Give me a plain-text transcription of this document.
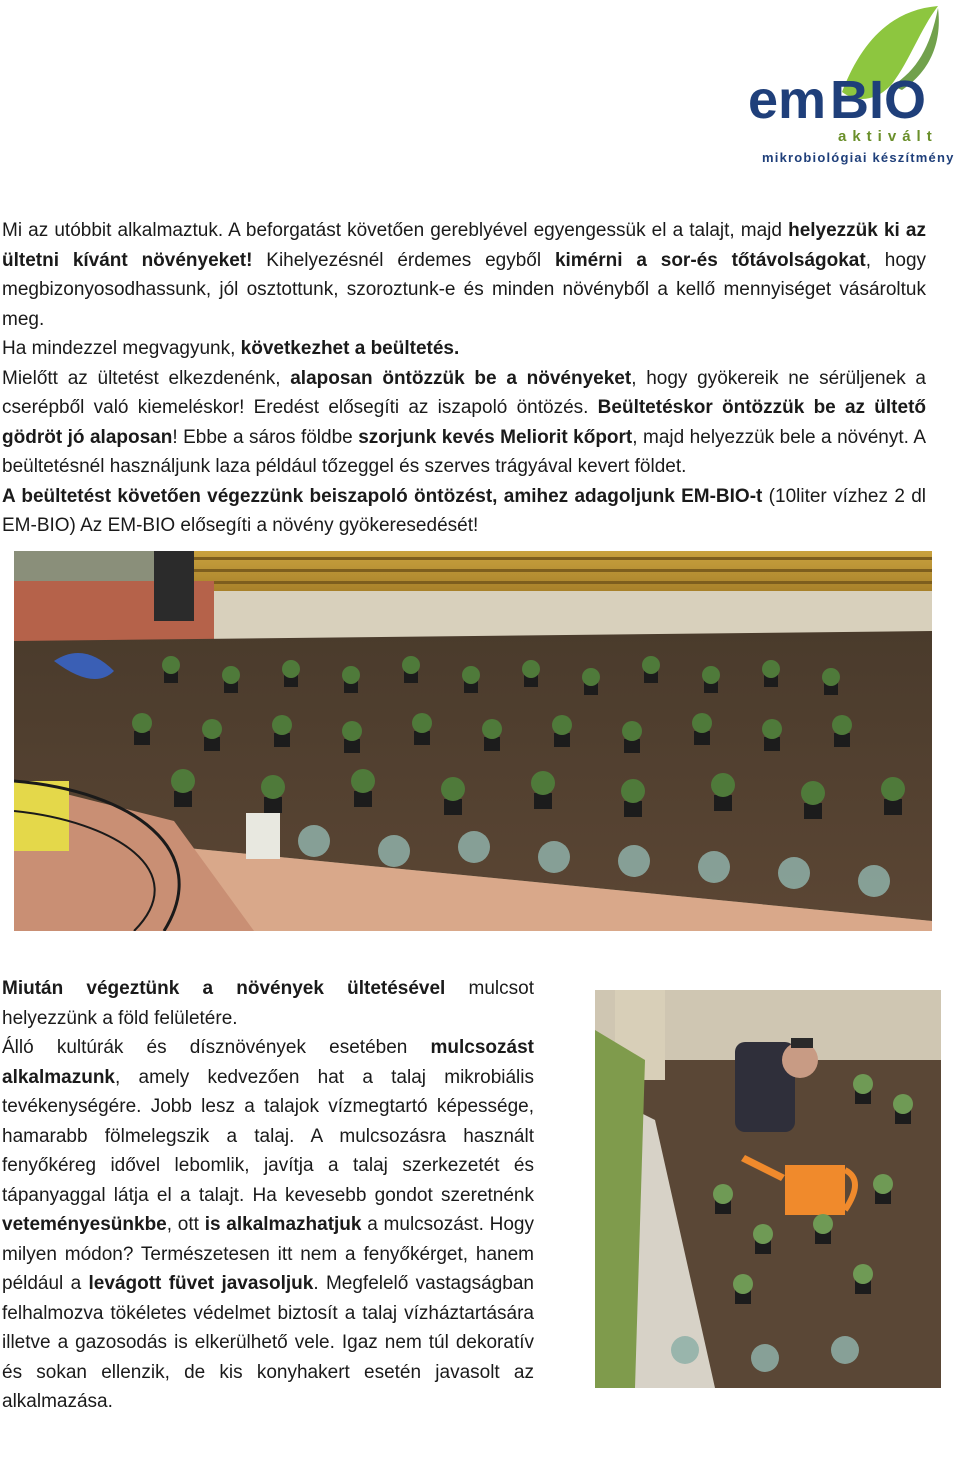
em BIO
aktivált
mikrobiológiai készítmény

Mi az utóbbit alkalmaztuk. A beforgatást követően gereblyével egyengessük el a talajt, majd helyezzük ki az ültetni kívánt növényeket! Kihelyezésnél érdemes egyből kimérni a sor-és tőtávolságokat, hogy megbizonyosodhassunk, jól osztottunk, szoroztunk-e és minden növényből a kellő mennyiséget vásároltuk meg.

Ha mindezzel megvagyunk, következhet a beültetés.

Mielőtt az ültetést elkezdenénk, alaposan öntözzük be a növényeket, hogy gyökereik ne sérüljenek a cserépből való kiemeléskor! Eredést elősegíti az iszapoló öntözés. Beültetéskor öntözzük be az ültető gödröt jó alaposan! Ebbe a sáros földbe szorjunk kevés Meliorit kőport, majd helyezzük bele a növényt. A beültetésnél használjunk laza például tőzeggel és szerves trágyával kevert földet.

A beültetést követően végezzünk beiszapoló öntözést, amihez adagoljunk EM-BIO-t (10liter vízhez 2 dl EM-BIO) Az EM-BIO elősegíti a növény gyökeresedését!

Miután végeztünk a növények ültetésével mulcsot helyezzünk a föld felületére.

Álló kultúrák és dísznövények esetében mulcsozást alkalmazunk, amely kedvezően hat a talaj mikrobiális tevékenységére. Jobb lesz a talajok vízmegtartó képessége, hamarabb fölmelegszik a talaj. A mulcsozásra használt fenyőkéreg idővel lebomlik, javítja a talaj szerkezetét és tápanyaggal látja el a talajt. Ha kevesebb gondot szeretnénk veteményesünkbe, ott is alkalmazhatjuk a mulcsozást. Hogy milyen módon? Természetesen itt nem a fenyőkérget, hanem például a levágott füvet javasoljuk. Megfelelő vastagságban felhalmozva tökéletes védelmet biztosít a talaj vízháztartására illetve a gazosodás is elkerülhető vele. Igaz nem túl dekoratív és sokan ellenzik, de kis konyhakert esetén javasolt az alkalmazása.
